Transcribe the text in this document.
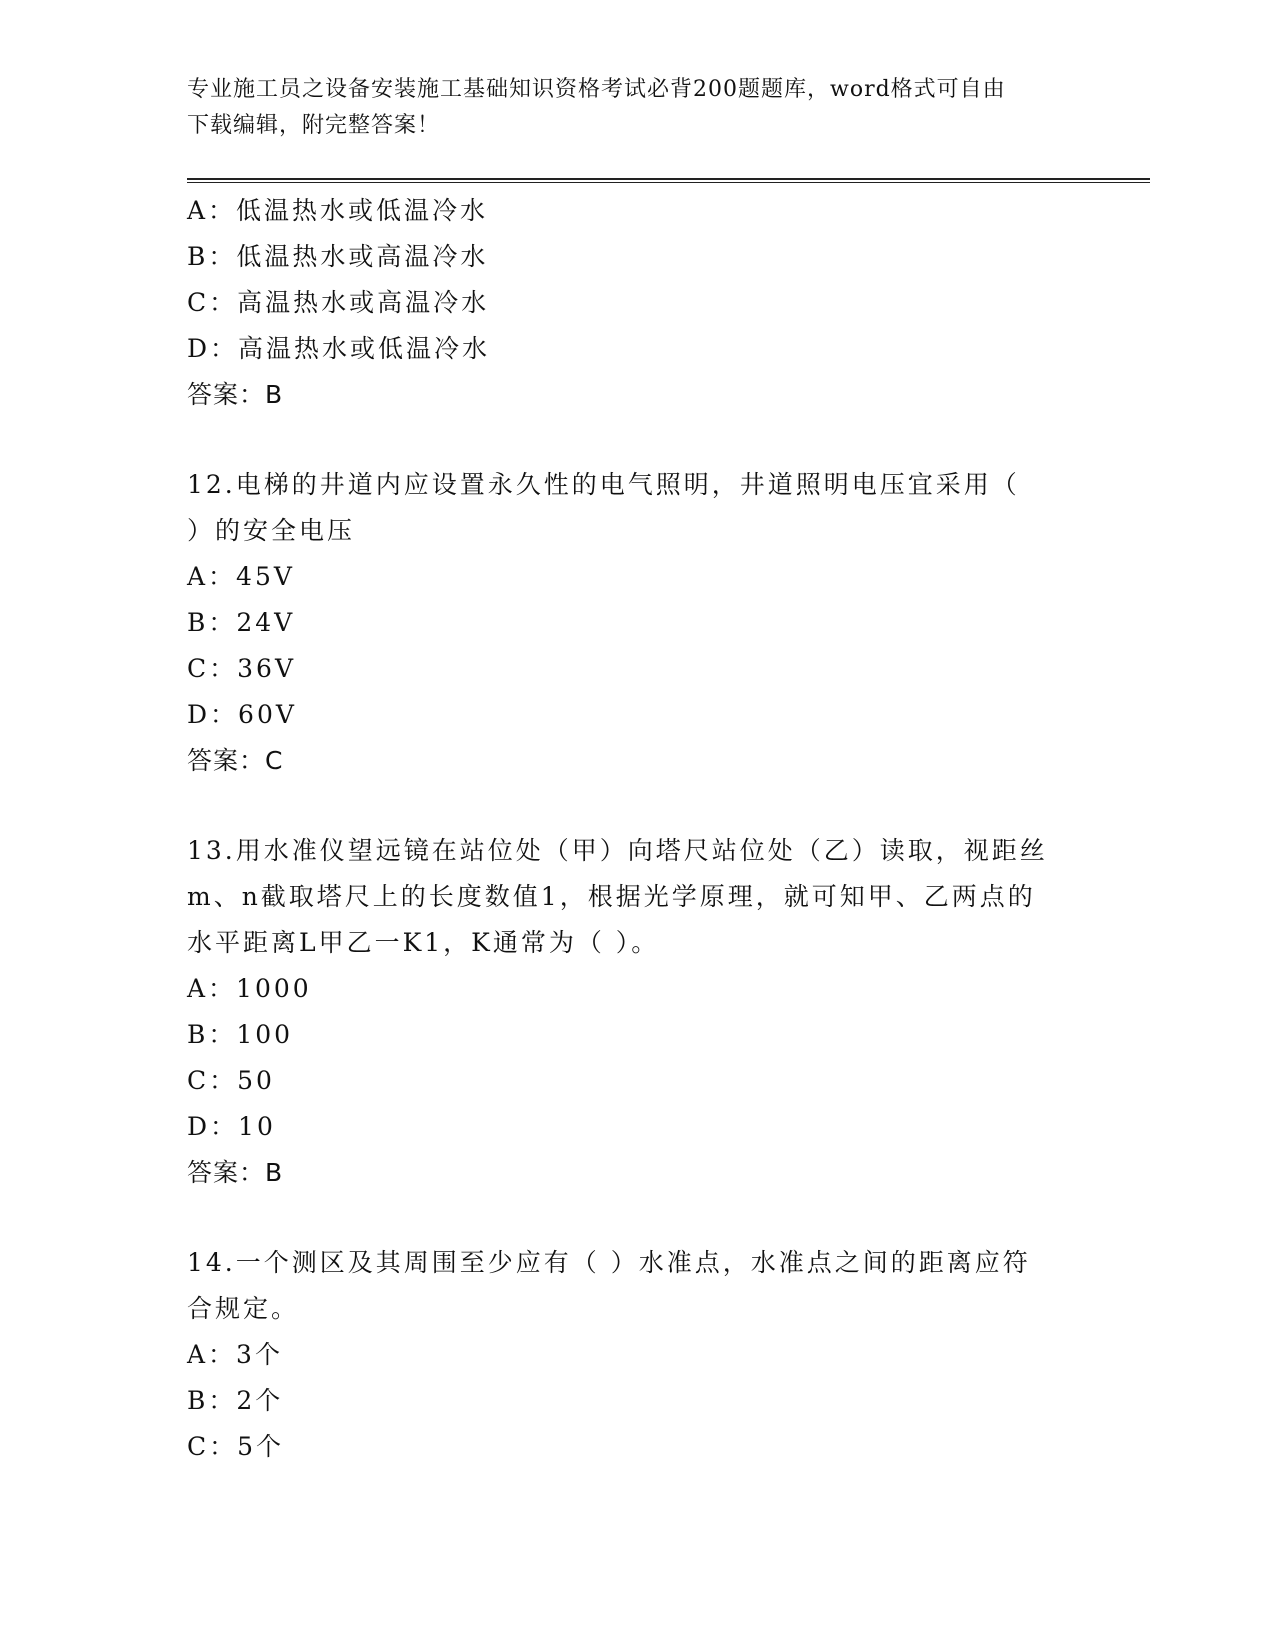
专业施工员之设备安装施工基础知识资格考试必背200题题库，word格式可自由
下载编辑，附完整答案！
A：低温热水或低温冷水
B：低温热水或高温冷水
C：高温热水或高温冷水
D：高温热水或低温冷水
答案：B
12.电梯的井道内应设置永久性的电气照明，井道照明电压宜采用（
）的安全电压
A：45V
B：24V
C：36V
D：60V
答案：C
13.用水准仪望远镜在站位处（甲）向塔尺站位处（乙）读取，视距丝
m、n截取塔尺上的长度数值1，根据光学原理，就可知甲、乙两点的
水平距离L甲乙一K1，K通常为（ ）。
A：1000
B：100
C：50
D：10
答案：B
14.一个测区及其周围至少应有（ ）水准点，水准点之间的距离应符
合规定。
A：3个
B：2个
C：5个
